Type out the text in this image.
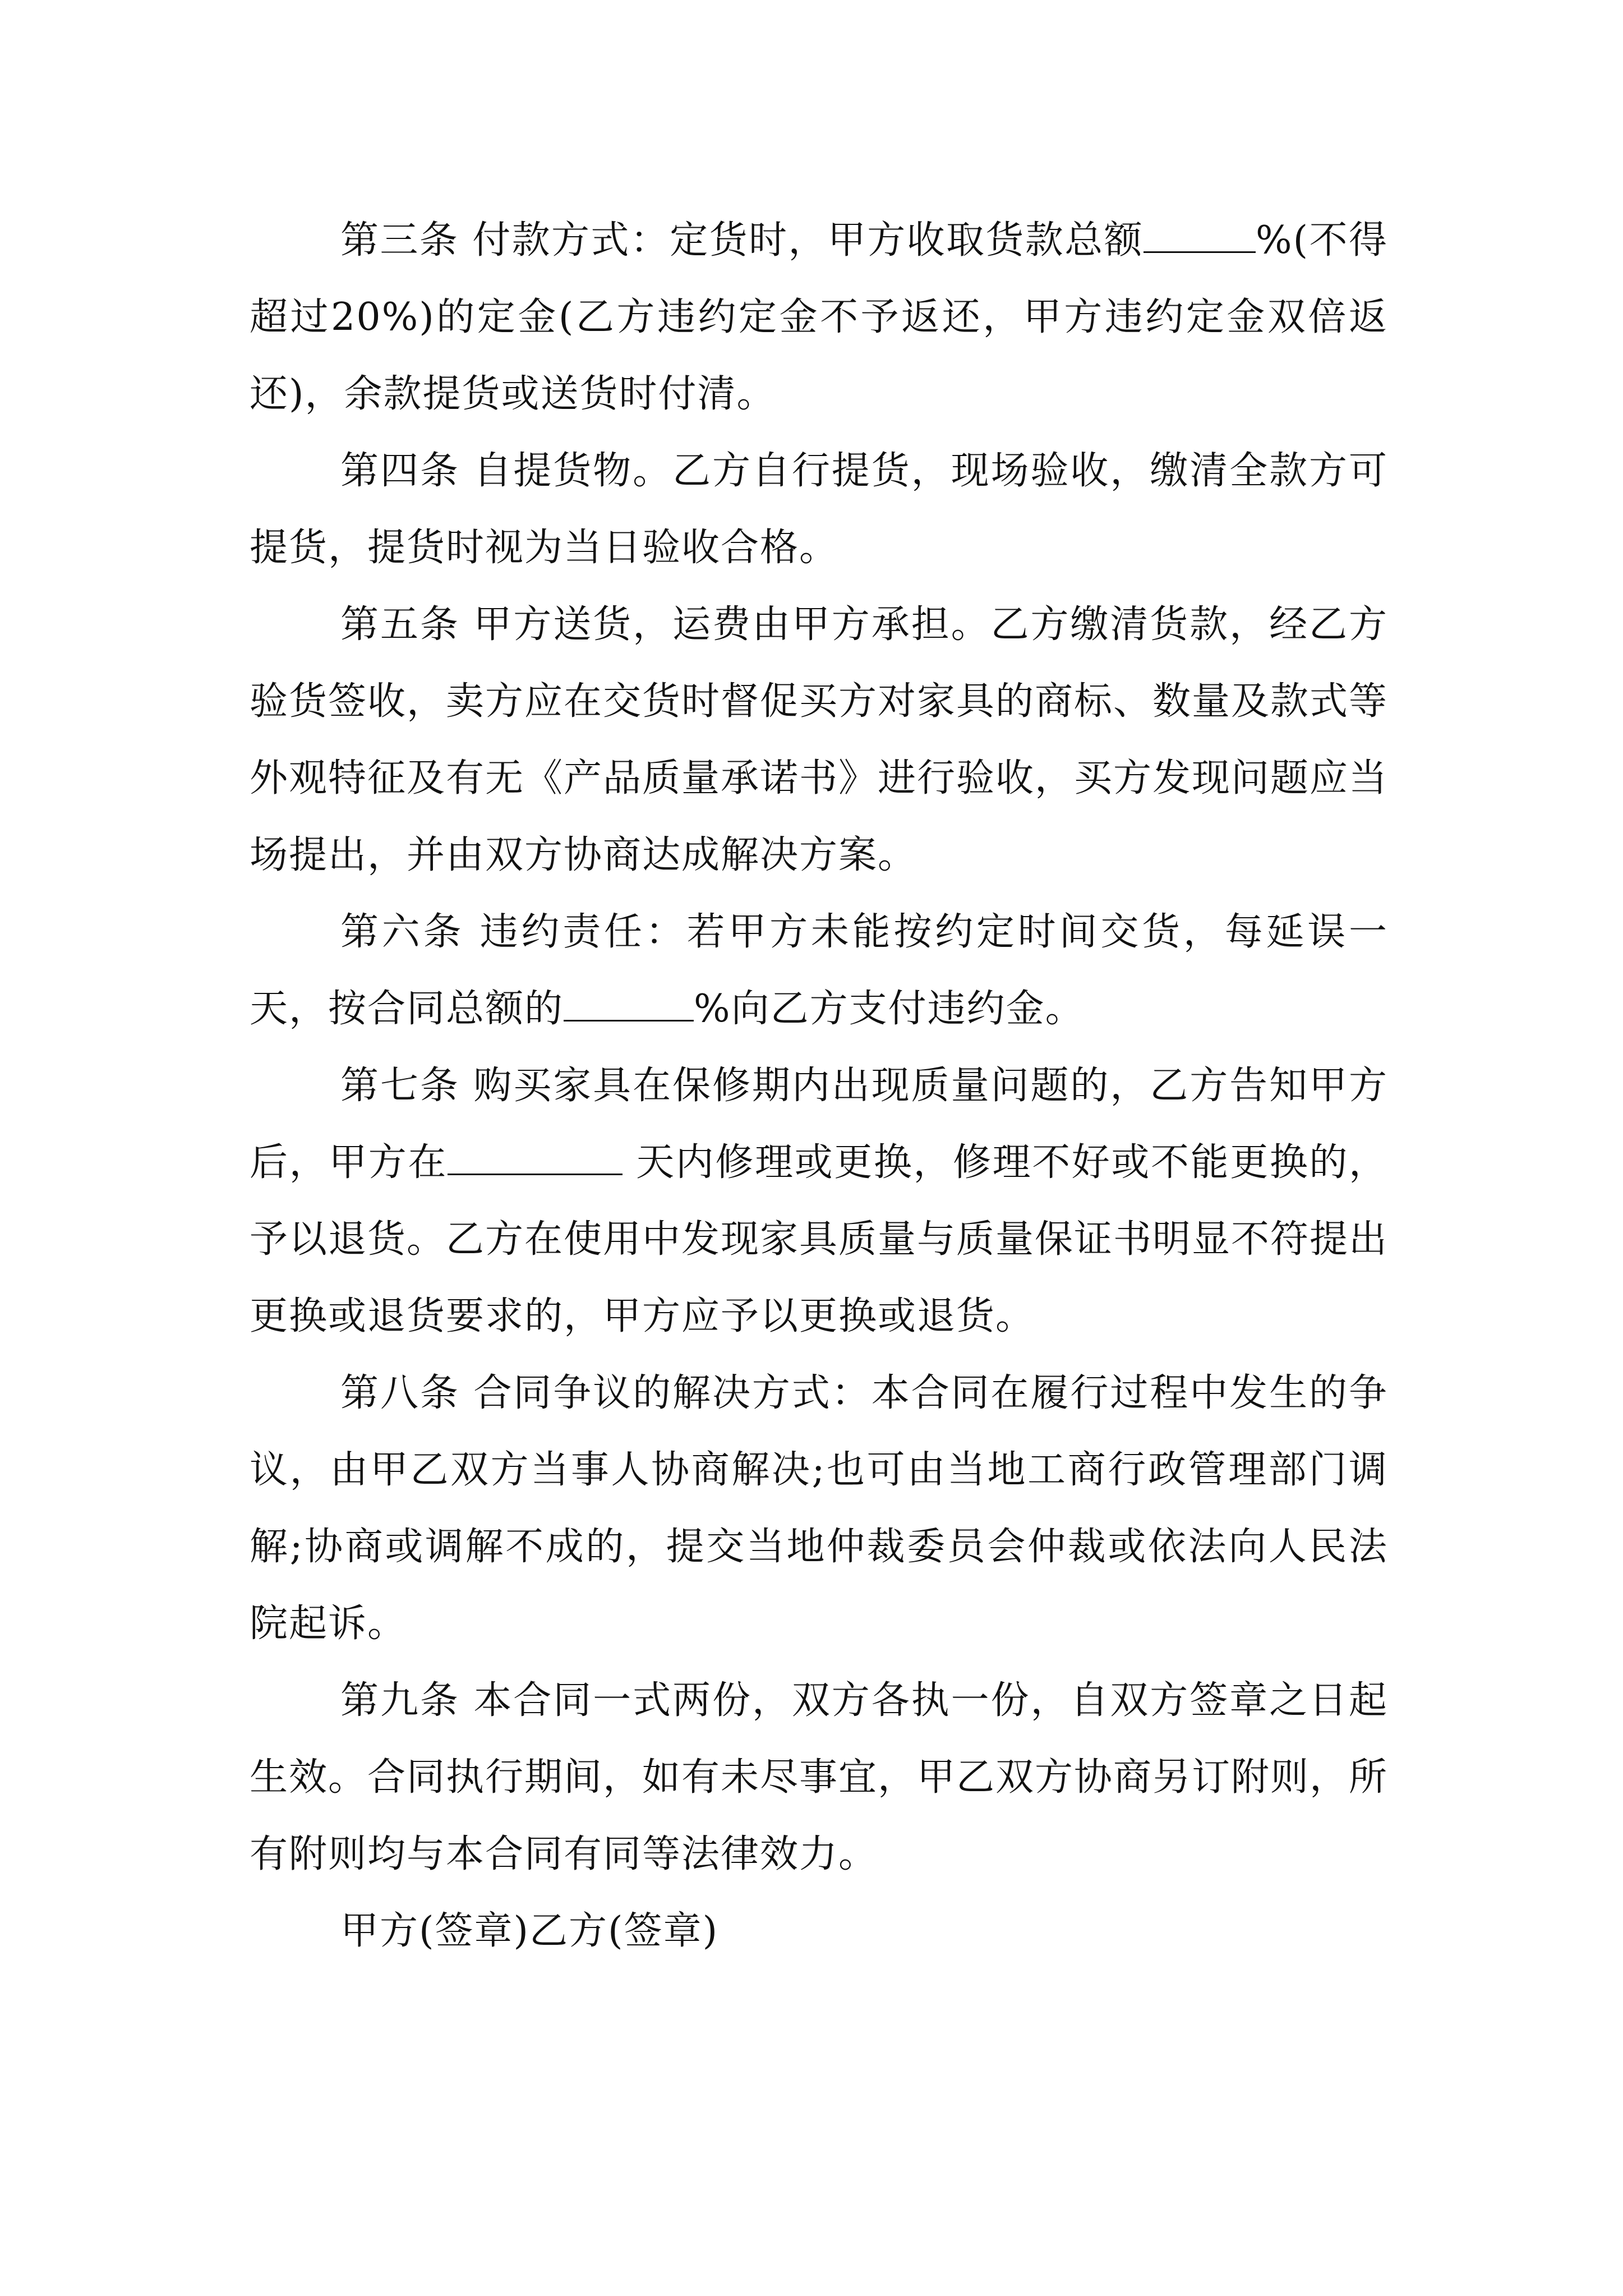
第三条 付款方式：定货时，甲方收取货款总额	%(不得超过20%)的定金(乙方违约定金不予返还，甲方违约定金双倍返还)，余款提货或送货时付清。

第四条 自提货物。乙方自行提货，现场验收，缴清全款方可提货，提货时视为当日验收合格。

第五条 甲方送货，运费由甲方承担。乙方缴清货款，经乙方验货签收，卖方应在交货时督促买方对家具的商标、数量及款式等外观特征及有无《产品质量承诺书》进行验收，买方发现问题应当场提出，并由双方协商达成解决方案。

第六条 违约责任：若甲方未能按约定时间交货，每延误一天，按合同总额的	%向乙方支付违约金。

第七条 购买家具在保修期内出现质量问题的，乙方告知甲方后，甲方在	天内修理或更换，修理不好或不能更换的，予以退货。乙方在使用中发现家具质量与质量保证书明显不符提出更换或退货要求的，甲方应予以更换或退货。

第八条 合同争议的解决方式：本合同在履行过程中发生的争议，由甲乙双方当事人协商解决;也可由当地工商行政管理部门调解;协商或调解不成的，提交当地仲裁委员会仲裁或依法向人民法院起诉。

第九条 本合同一式两份，双方各执一份，自双方签章之日起生效。合同执行期间，如有未尽事宜，甲乙双方协商另订附则，所有附则均与本合同有同等法律效力。

甲方(签章)乙方(签章)
